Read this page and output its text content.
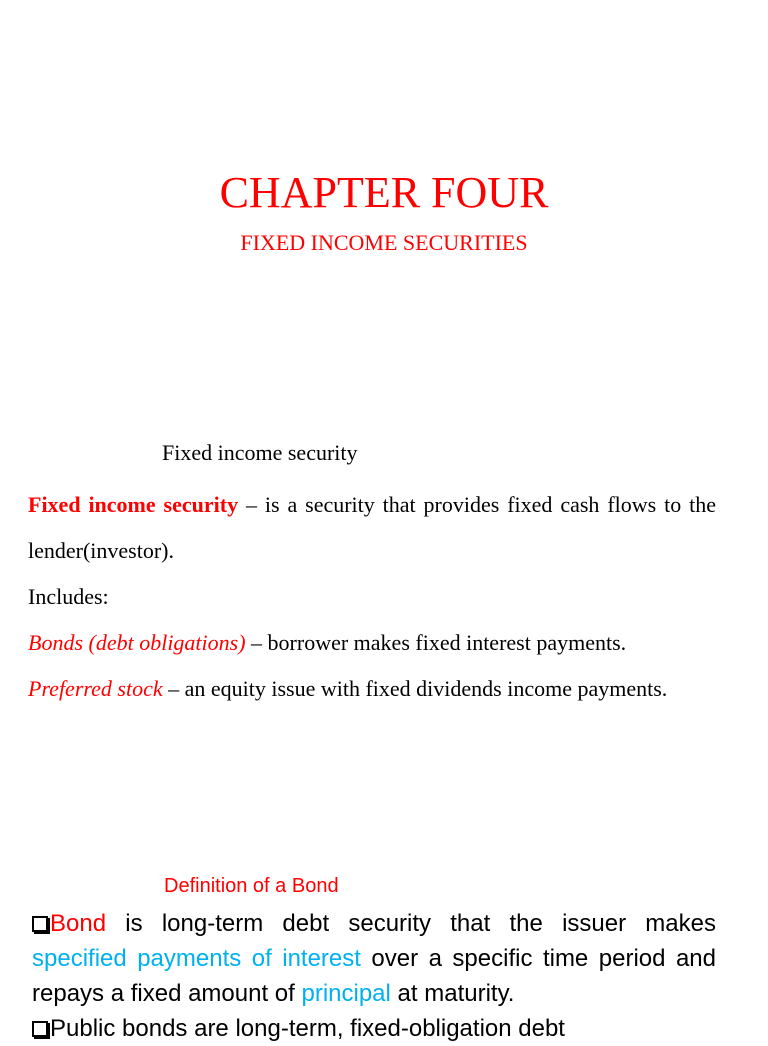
CHAPTER FOUR
FIXED INCOME SECURITIES
Fixed income security

Fixed income security – is a security that provides fixed cash flows to the lender(investor).

Includes:

Bonds (debt obligations) – borrower makes fixed interest payments.

Preferred stock – an equity issue with fixed dividends income payments.

Definition of a Bond

Bond is long-term debt security that the issuer makes specified payments of interest over a specific time period and repays a fixed amount of principal at maturity.

Public bonds are long-term, fixed-obligation debt
